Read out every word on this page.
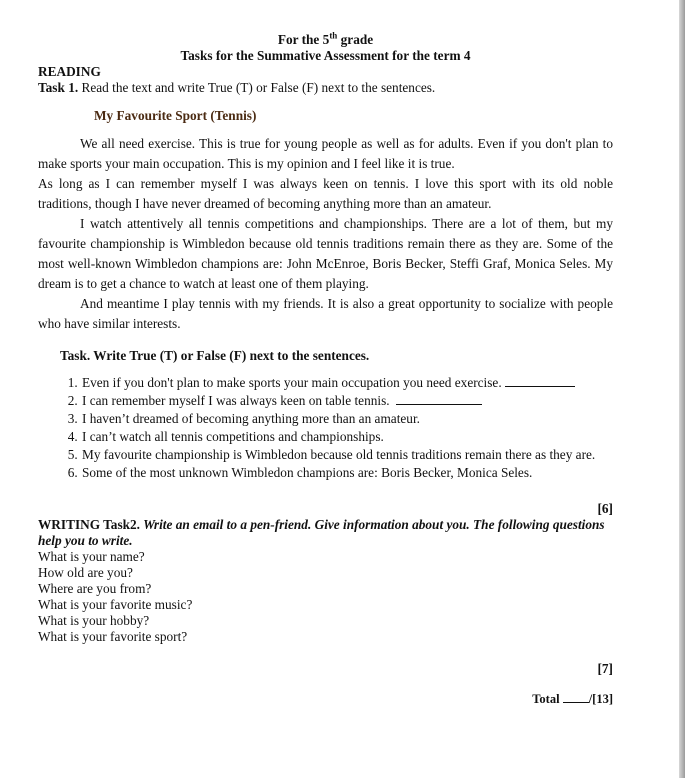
For the 5th grade
Tasks for the Summative Assessment for the term 4
READING
Task 1. Read the text and write True (T) or False (F) next to the sentences.
My Favourite Sport (Tennis)

We all need exercise. This is true for young people as well as for adults. Even if you don't plan to make sports your main occupation. This is my opinion and I feel like it is true.

As long as I can remember myself I was always keen on tennis. I love this sport with its old noble traditions, though I have never dreamed of becoming anything more than an amateur.

I watch attentively all tennis competitions and championships. There are a lot of them, but my favourite championship is Wimbledon because old tennis traditions remain there as they are. Some of the most well-known Wimbledon champions are: John McEnroe, Boris Becker, Steffi Graf, Monica Seles. My dream is to get a chance to watch at least one of them playing.

And meantime I play tennis with my friends. It is also a great opportunity to socialize with people who have similar interests.

Task. Write True (T) or False (F) next to the sentences.
1. Even if you don't plan to make sports your main occupation you need exercise.
2. I can remember myself I was always keen on table tennis.
3. I haven’t dreamed of becoming anything more than an amateur.
4. I can’t watch all tennis competitions and championships.
5. My favourite championship is Wimbledon because old tennis traditions remain there as they are.
6. Some of the most unknown Wimbledon champions are: Boris Becker, Monica Seles.
[6]
WRITING Task2. Write an email to a pen-friend. Give information about you. The following questions help you to write.
What is your name?
How old are you?
Where are you from?
What is your favorite music?
What is your hobby?
What is your favorite sport?
[7]
Total /[13]
